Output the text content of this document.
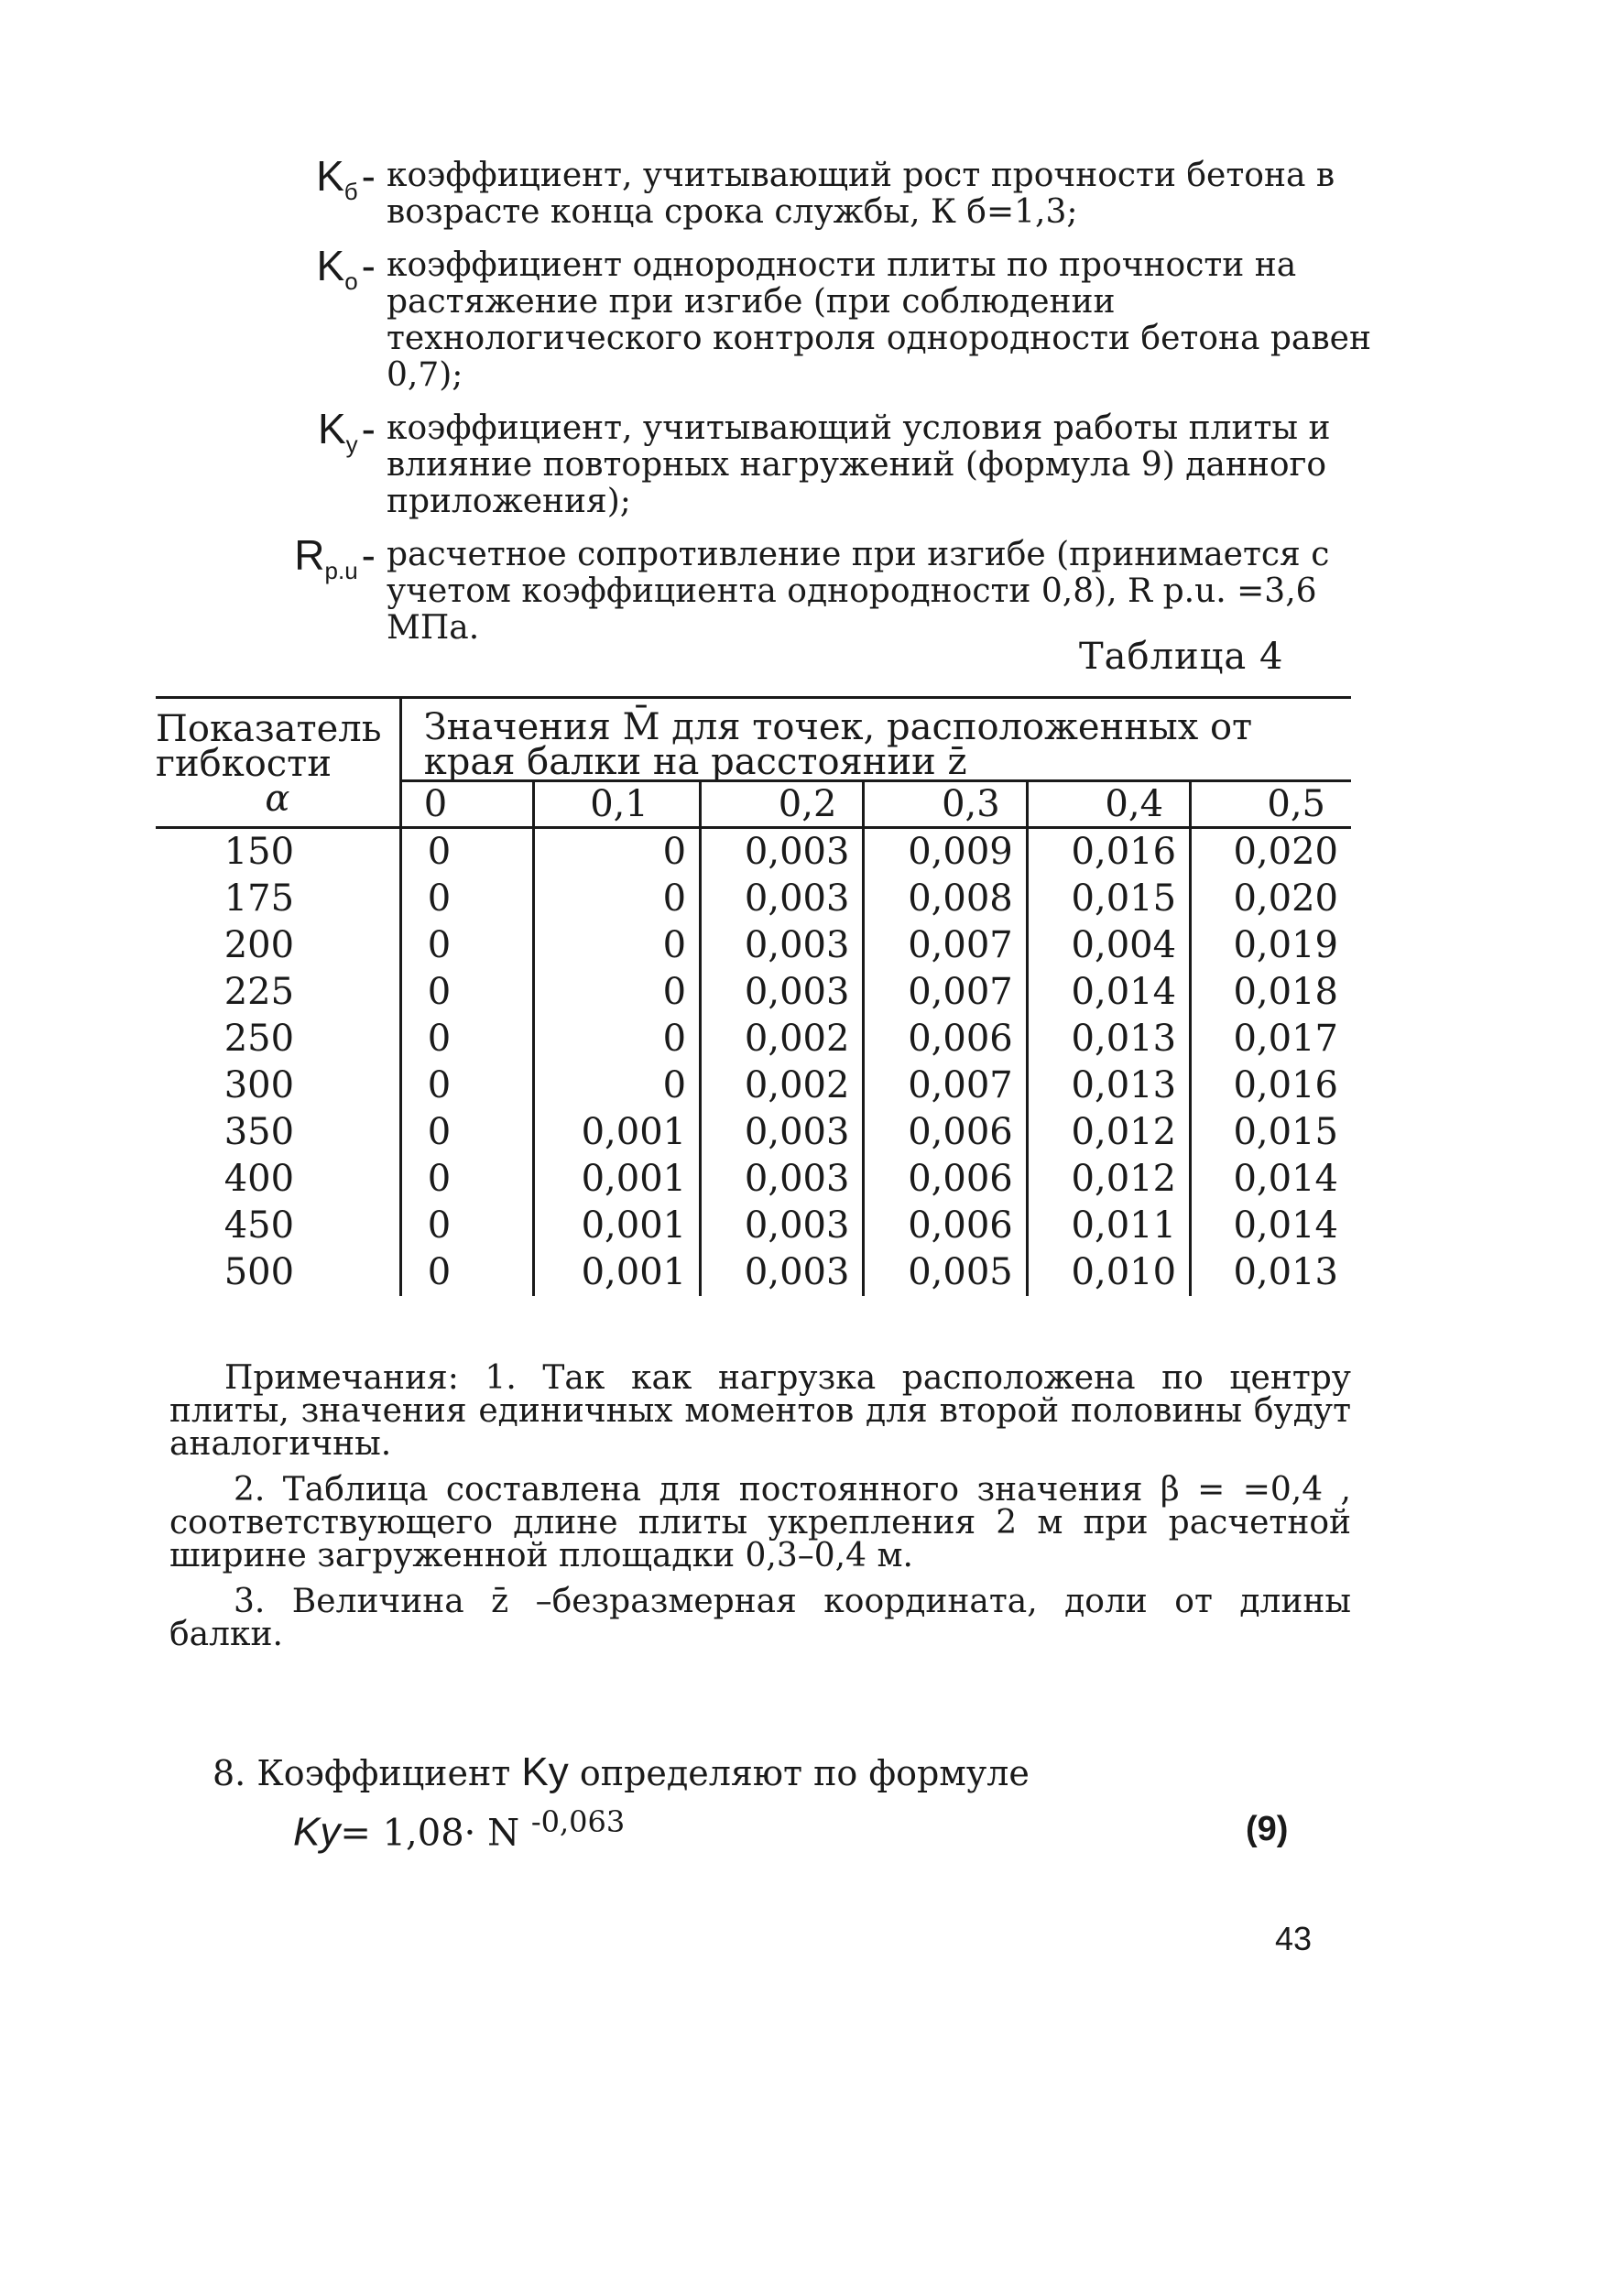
$K_б-$ коэффициент, учитывающий рост прочности бетона в возрасте конца срока службы, К б=1,3;
$K_о-$ коэффициент однородности плиты по прочности на растяжение при изгибе (при соблюдении технологического контроля однородности бетона равен 0,7);
$K_у-$ коэффициент, учитывающий условия работы плиты и влияние повторных нагружений (формула 9) данного приложения);
$R_{р.u}-$ расчетное сопротивление при изгибе (принимается с учетом коэффициента однородности 0,8), R р.u. =3,6 МПа.
Таблица 4
Показатель гибкости
α	Значения M̄ для точек, расположенных от края балки на расстоянии z̄					
	0	0,1	0,2	0,3	0,4	0,5
150	0	0	0,003	0,009	0,016	0,020
175	0	0	0,003	0,008	0,015	0,020
200	0	0	0,003	0,007	0,004	0,019
225	0	0	0,003	0,007	0,014	0,018
250	0	0	0,002	0,006	0,013	0,017
300	0	0	0,002	0,007	0,013	0,016
350	0	0,001	0,003	0,006	0,012	0,015
400	0	0,001	0,003	0,006	0,012	0,014
450	0	0,001	0,003	0,006	0,011	0,014
500	0	0,001	0,003	0,005	0,010	0,013

Примечания: 1. Так как нагрузка расположена по центру плиты, значения единичных моментов для второй половины будут аналогичны.

2. Таблица составлена для постоянного значения β = =0,4 , соответствующего длине плиты укрепления 2 м при расчетной ширине загруженной площадки 0,3–0,4 м.

3. Величина z̄ –безразмерная координата, доли от длины балки.

8. Коэффициент Kу определяют по формуле
Kу= 1,08· N $^{-0,063}$	(9)
43
